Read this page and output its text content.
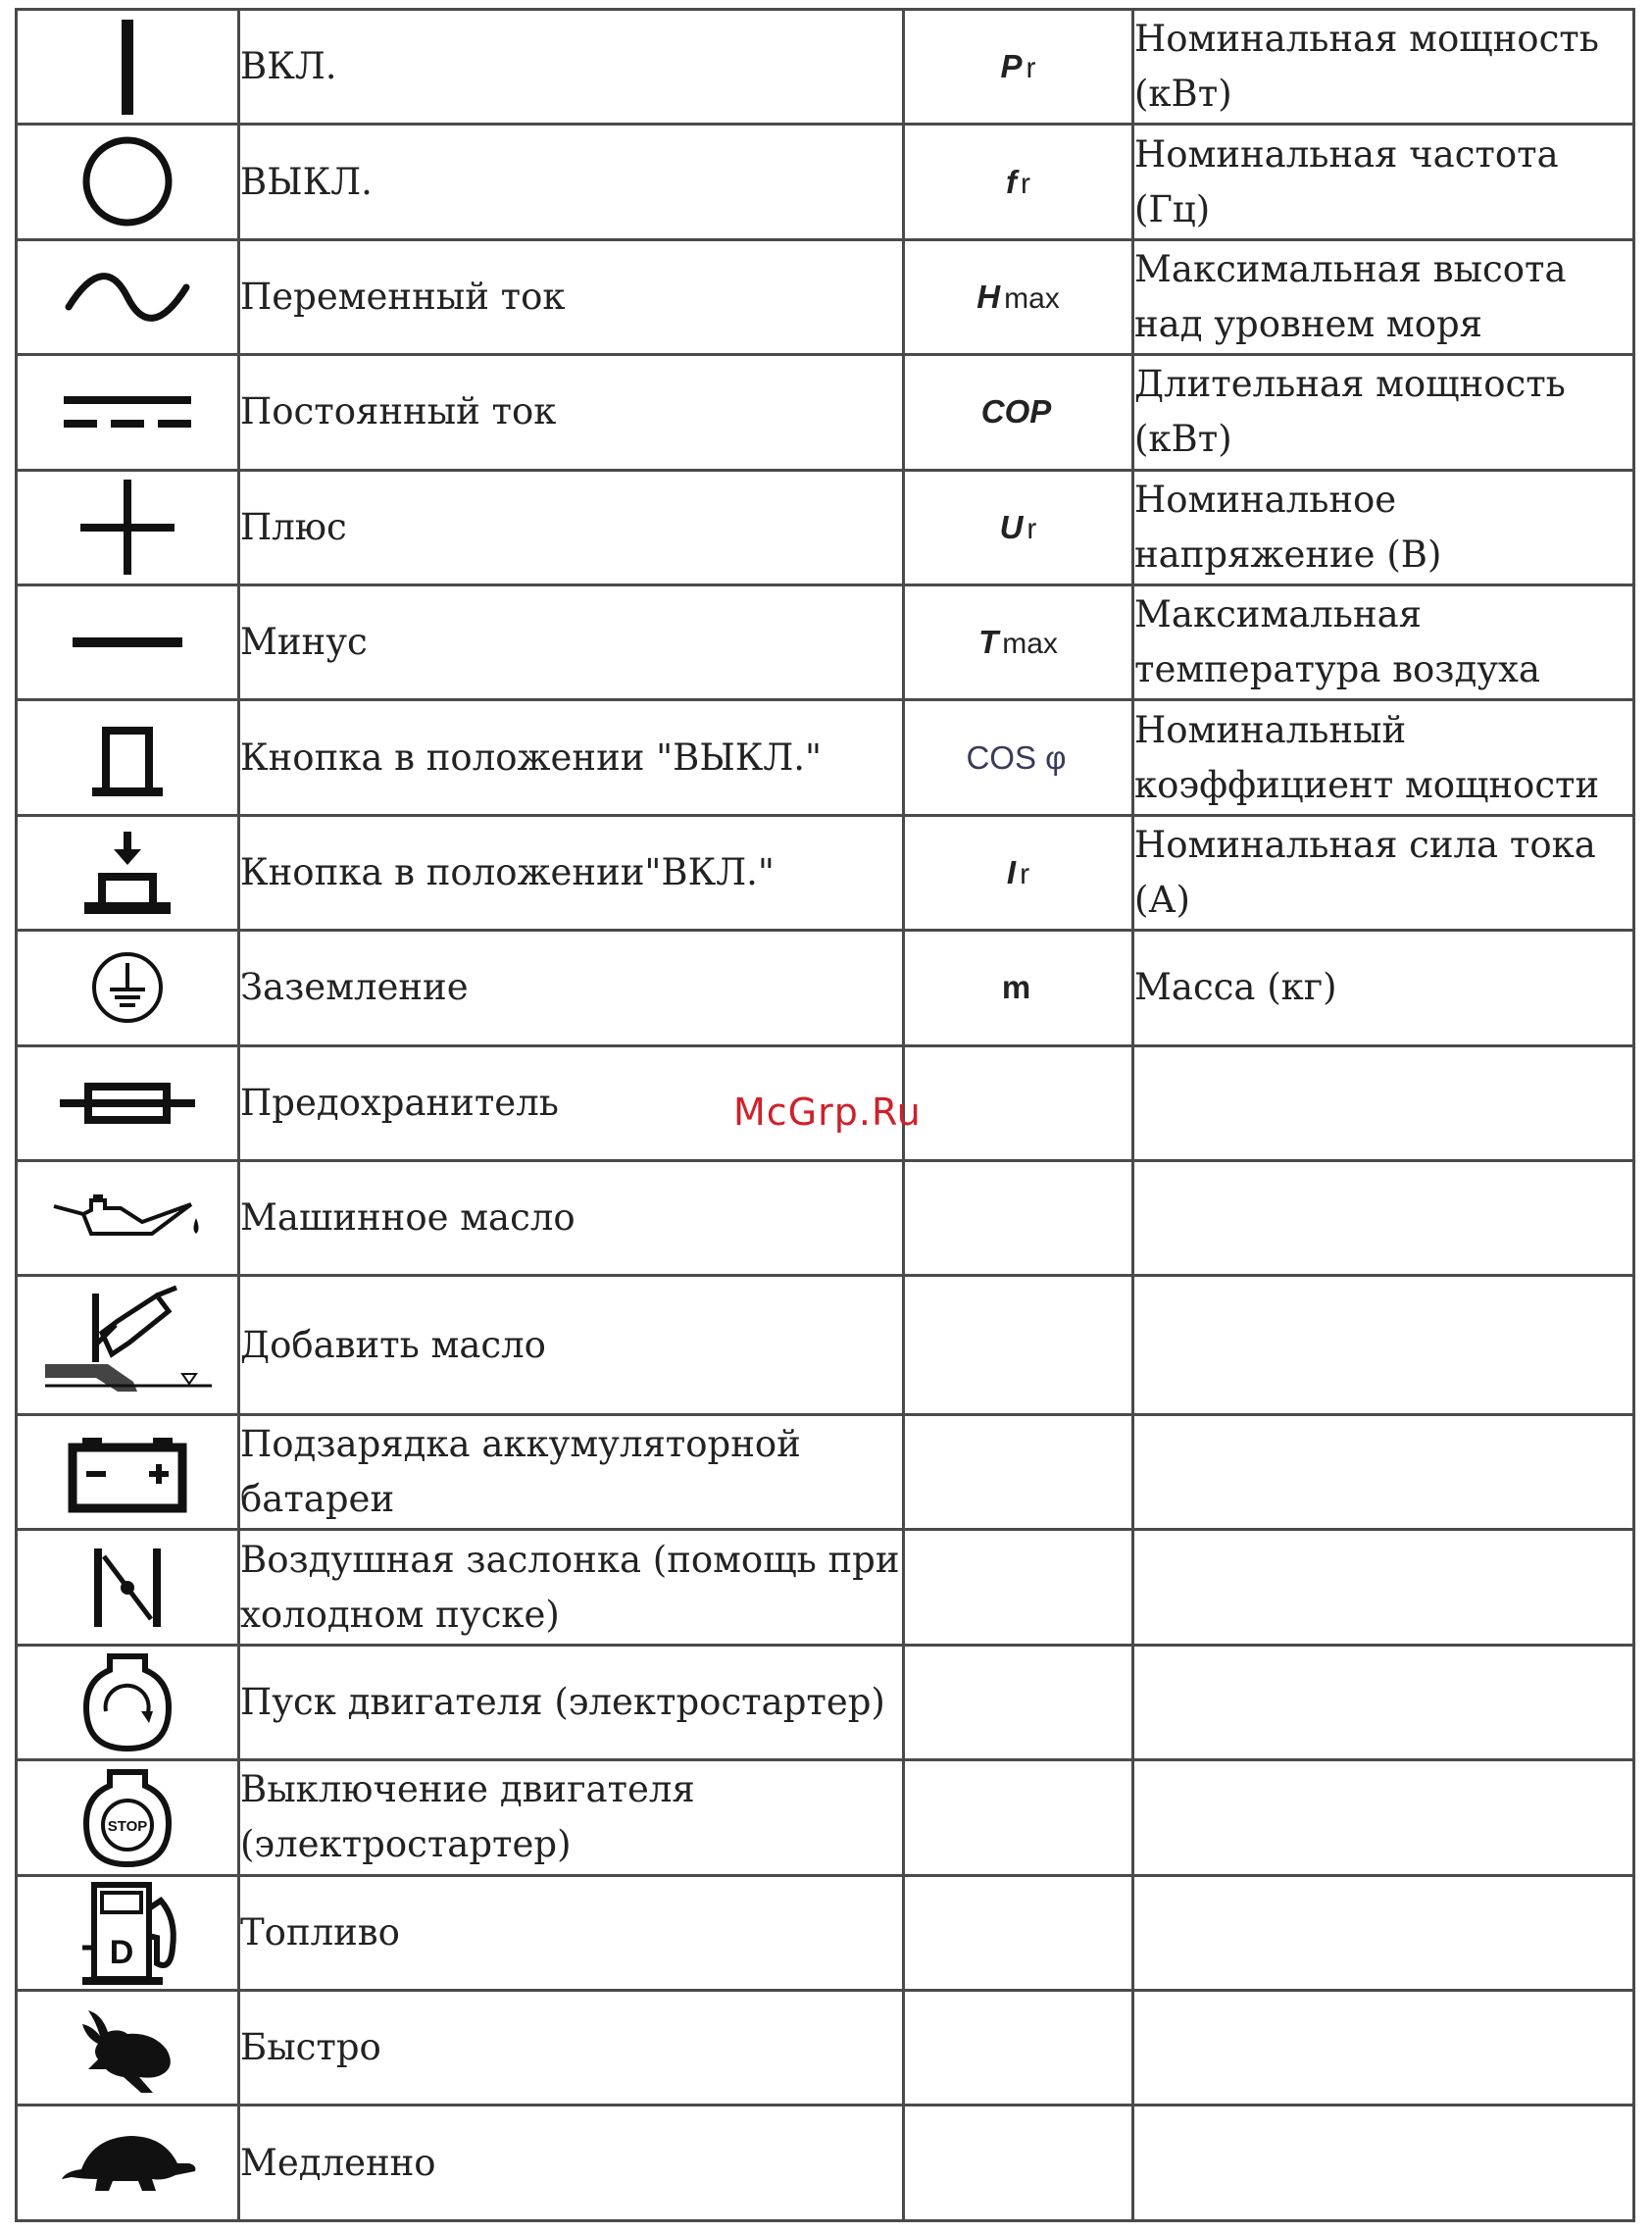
	ВКЛ.	P r	Номинальная мощность (кВт)

	ВЫКЛ.	f r	Номинальная частота (Гц)

	Переменный ток	H max	Максимальная высота над уровнем моря

	Постоянный ток	COP	Длительная мощность (кВт)

	Плюс	U r	Номинальное напряжение (В)

	Минус	T max	Максимальная температура воздуха

	Кнопка в положении "ВЫКЛ."	COS φ	Номинальный коэффициент мощности

	Кнопка в положении"ВКЛ."	I r	Номинальная сила тока (А)

	Заземление	m	Масса (кг)

	Предохранитель		

	Машинное масло		

	Добавить масло		

	Подзарядка аккумуляторной батареи		

	Воздушная заслонка (помощь при холодном пуске)		

	Пуск двигателя (электростартер)		

STOP	Выключение двигателя (электростартер)		

D	Топливо		

	Быстро		

	Медленно		
McGrp.Ru
